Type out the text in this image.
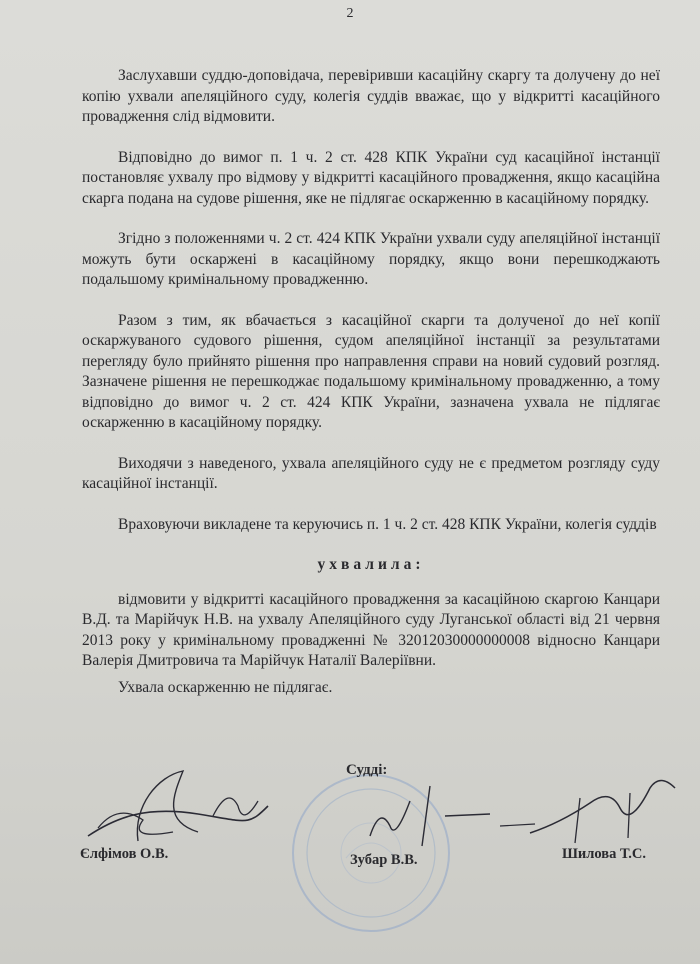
2

Заслухавши суддю-доповідача, перевіривши касаційну скаргу та долучену до неї копію ухвали апеляційного суду, колегія суддів вважає, що у відкритті касаційного провадження слід відмовити.

Відповідно до вимог п. 1 ч. 2 ст. 428 КПК України суд касаційної інстанції постановляє ухвалу про відмову у відкритті касаційного провадження, якщо касаційна скарга подана на судове рішення, яке не підлягає оскарженню в касаційному порядку.

Згідно з положеннями ч. 2 ст. 424 КПК України ухвали суду апеляційної інстанції можуть бути оскаржені в касаційному порядку, якщо вони перешкоджають подальшому кримінальному провадженню.

Разом з тим, як вбачається з касаційної скарги та долученої до неї копії оскаржуваного судового рішення, судом апеляційної інстанції за результатами перегляду було прийнято рішення про направлення справи на новий судовий розгляд. Зазначене рішення не перешкоджає подальшому кримінальному провадженню, а тому відповідно до вимог ч. 2 ст. 424 КПК України, зазначена ухвала не підлягає оскарженню в касаційному порядку.

Виходячи з наведеного, ухвала апеляційного суду не є предметом розгляду суду касаційної інстанції.

Враховуючи викладене та керуючись п. 1 ч. 2 ст. 428 КПК України, колегія суддів

ухвалила:

відмовити у відкритті касаційного провадження за касаційною скаргою Канцари В.Д. та Марійчук Н.В. на ухвалу Апеляційного суду Луганської області від 21 червня 2013 року у кримінальному провадженні № 32012030000000008 відносно Канцари Валерія Дмитровича та Марійчук Наталії Валеріївни.

Ухвала оскарженню не підлягає.

Судді:
Єлфімов О.В.	Зубар В.В.	Шилова Т.С.
